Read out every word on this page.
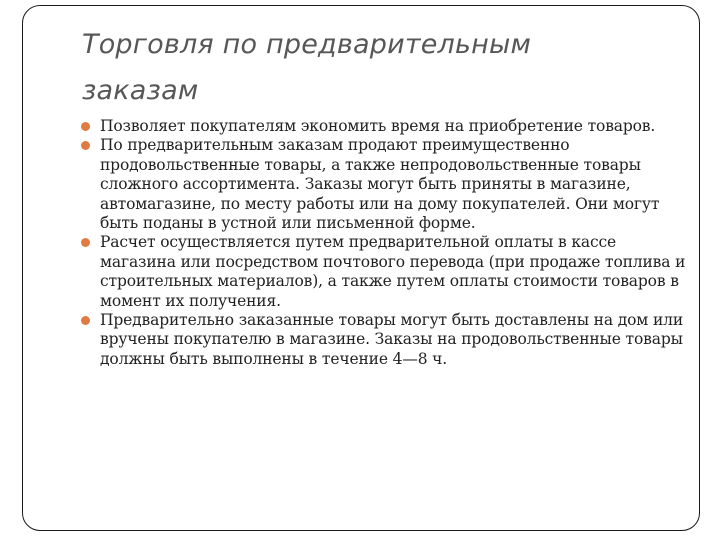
Торговля по предварительным заказам
Позволяет покупателям экономить время на приобретение товаров.
По предварительным заказам продают преимущественно продовольственные товары, а также непродовольственные товары сложного ассортимента. Заказы могут быть приняты в магазине, автомагазине, по месту работы или на дому покупателей. Они могут быть поданы в устной или письменной форме.
Расчет осуществляется путем предварительной оплаты в кассе магазина или посредством почтового перевода (при продаже топлива и строительных материалов), а также путем оплаты стоимости товаров в момент их получения.
Предварительно заказанные товары могут быть доставлены на дом или вручены покупателю в магазине. Заказы на продовольственные товары должны быть выполнены в течение 4—8 ч.
